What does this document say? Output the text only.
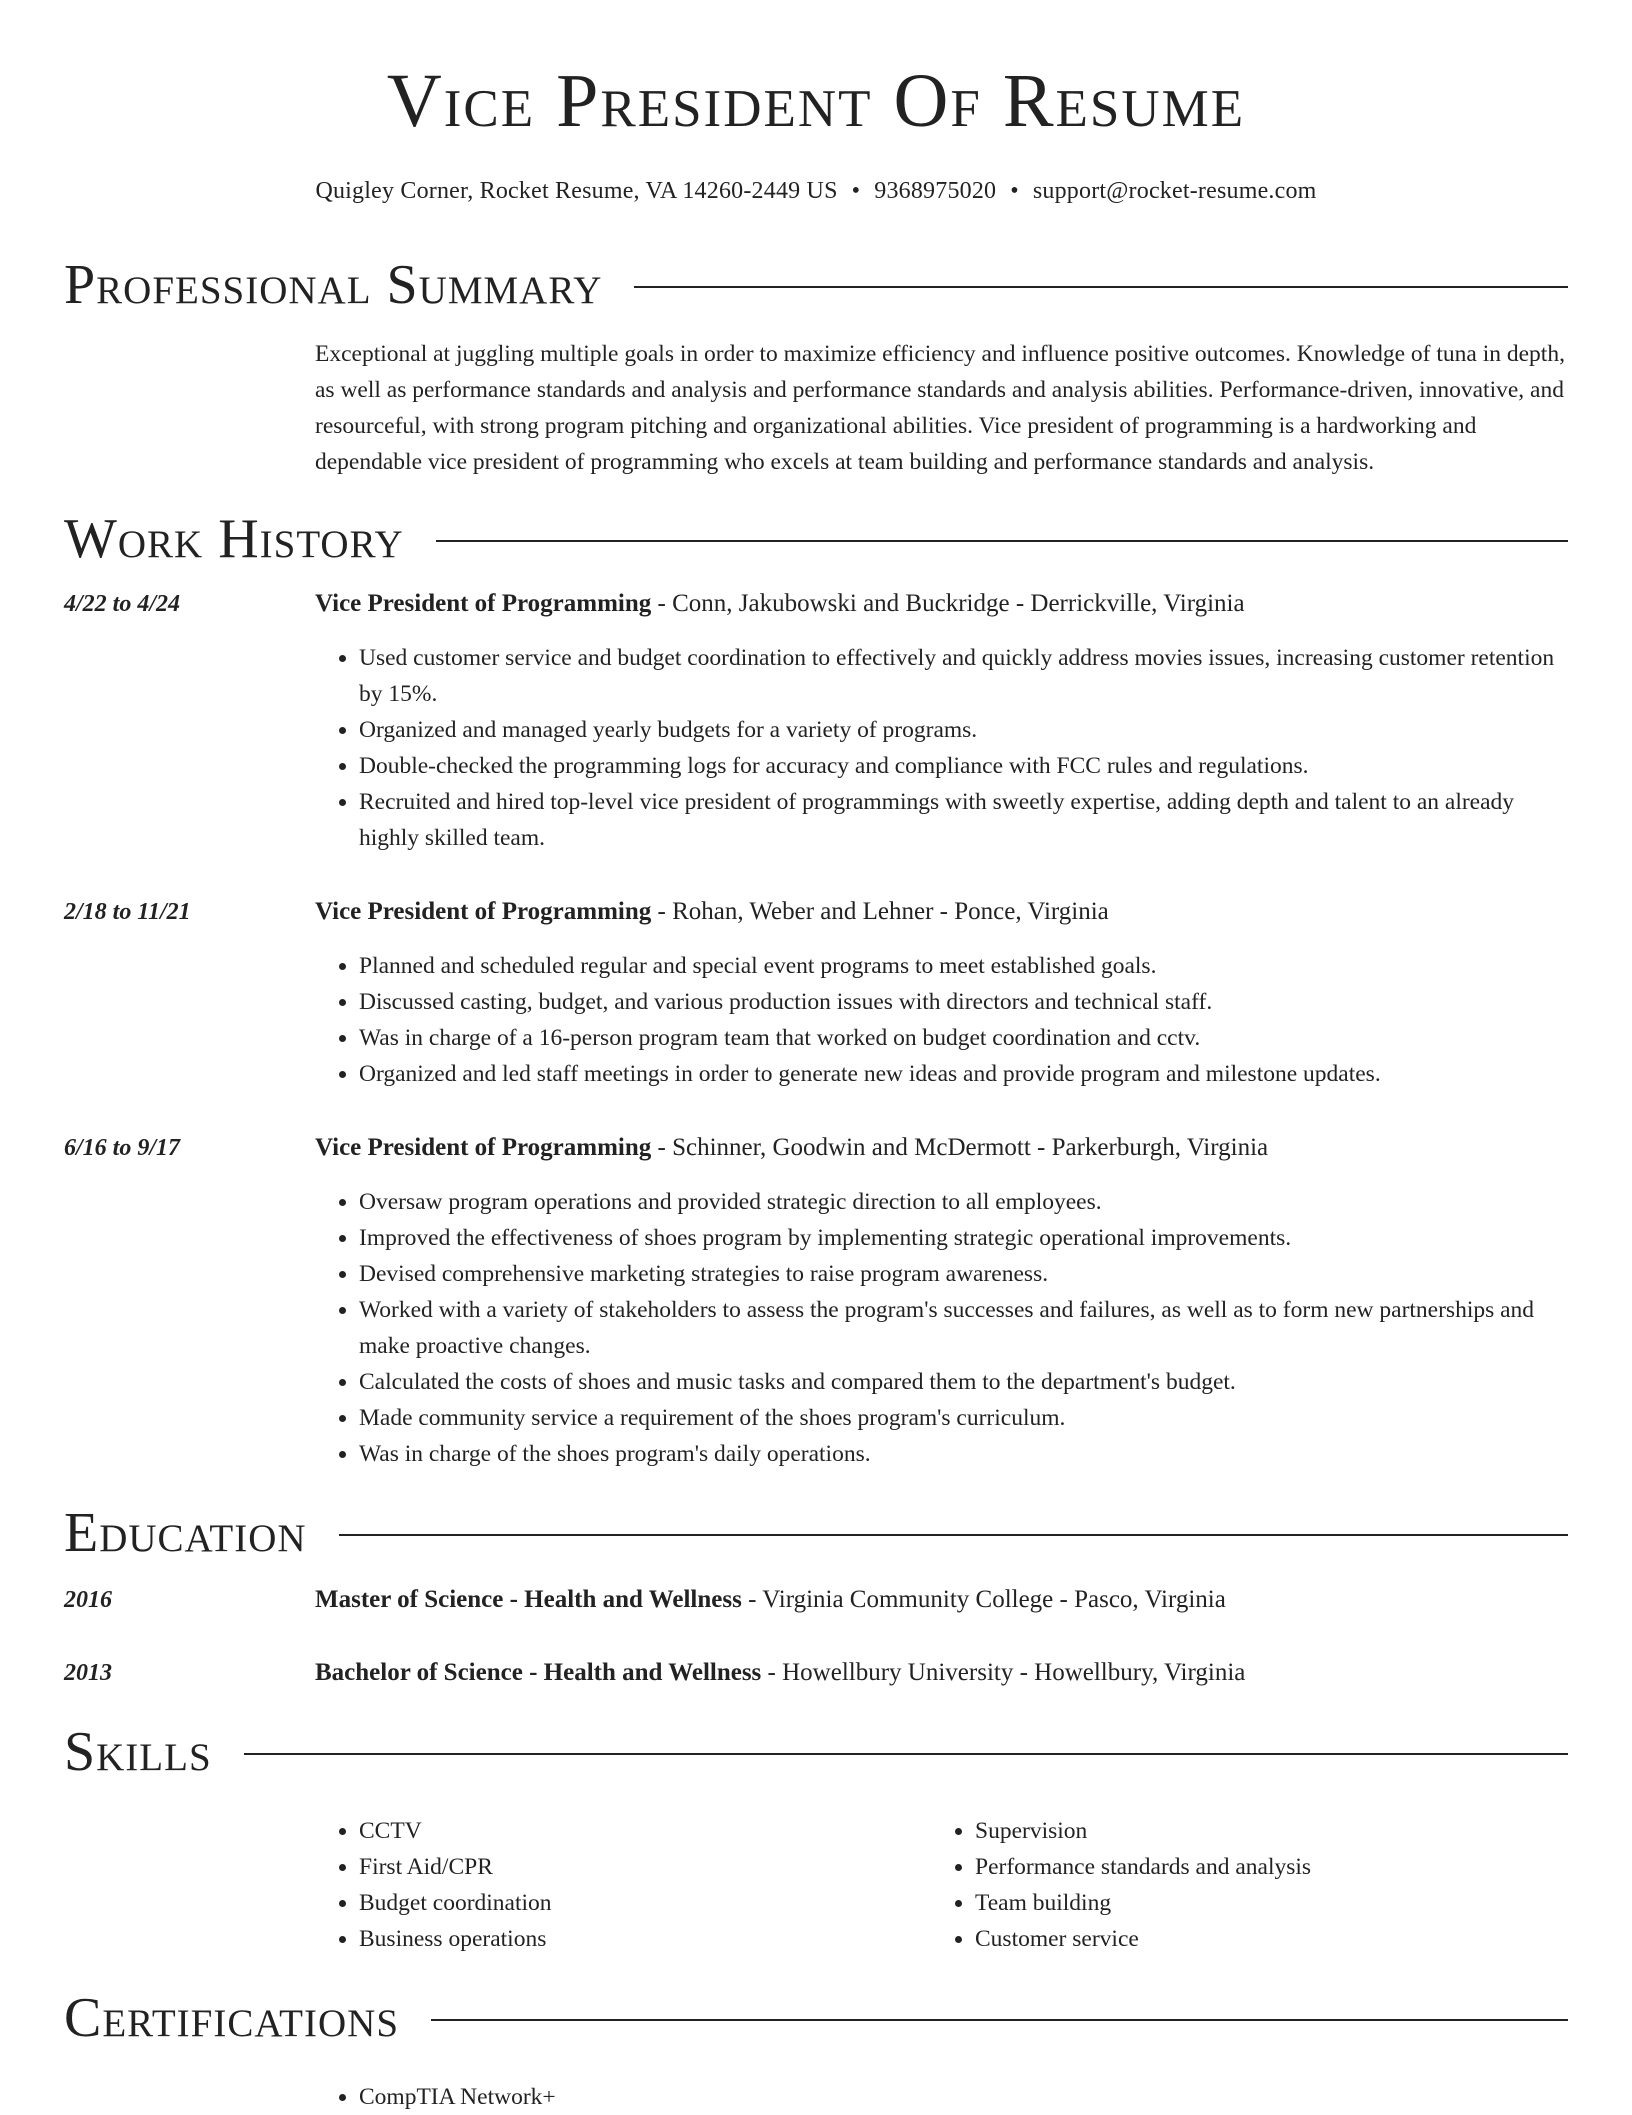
Vice President Of Resume
Quigley Corner, Rocket Resume, VA 14260-2449 US • 9368975020 • support@rocket-resume.com
Professional Summary
Exceptional at juggling multiple goals in order to maximize efficiency and influence positive outcomes. Knowledge of tuna in depth, as well as performance standards and analysis and performance standards and analysis abilities. Performance-driven, innovative, and resourceful, with strong program pitching and organizational abilities. Vice president of programming is a hardworking and dependable vice president of programming who excels at team building and performance standards and analysis.
Work History
4/22 to 4/24	Vice President of Programming - Conn, Jakubowski and Buckridge - Derrickville, Virginia
• Used customer service and budget coordination to effectively and quickly address movies issues, increasing customer retention by 15%.
• Organized and managed yearly budgets for a variety of programs.
• Double-checked the programming logs for accuracy and compliance with FCC rules and regulations.
• Recruited and hired top-level vice president of programmings with sweetly expertise, adding depth and talent to an already highly skilled team.
2/18 to 11/21	Vice President of Programming - Rohan, Weber and Lehner - Ponce, Virginia
• Planned and scheduled regular and special event programs to meet established goals.
• Discussed casting, budget, and various production issues with directors and technical staff.
• Was in charge of a 16-person program team that worked on budget coordination and cctv.
• Organized and led staff meetings in order to generate new ideas and provide program and milestone updates.
6/16 to 9/17	Vice President of Programming - Schinner, Goodwin and McDermott - Parkerburgh, Virginia
• Oversaw program operations and provided strategic direction to all employees.
• Improved the effectiveness of shoes program by implementing strategic operational improvements.
• Devised comprehensive marketing strategies to raise program awareness.
• Worked with a variety of stakeholders to assess the program's successes and failures, as well as to form new partnerships and make proactive changes.
• Calculated the costs of shoes and music tasks and compared them to the department's budget.
• Made community service a requirement of the shoes program's curriculum.
• Was in charge of the shoes program's daily operations.
Education
2016	Master of Science - Health and Wellness - Virginia Community College - Pasco, Virginia
2013	Bachelor of Science - Health and Wellness - Howellbury University - Howellbury, Virginia
Skills
• CCTV
• First Aid/CPR
• Budget coordination
• Business operations
• Supervision
• Performance standards and analysis
• Team building
• Customer service
Certifications
• CompTIA Network+
